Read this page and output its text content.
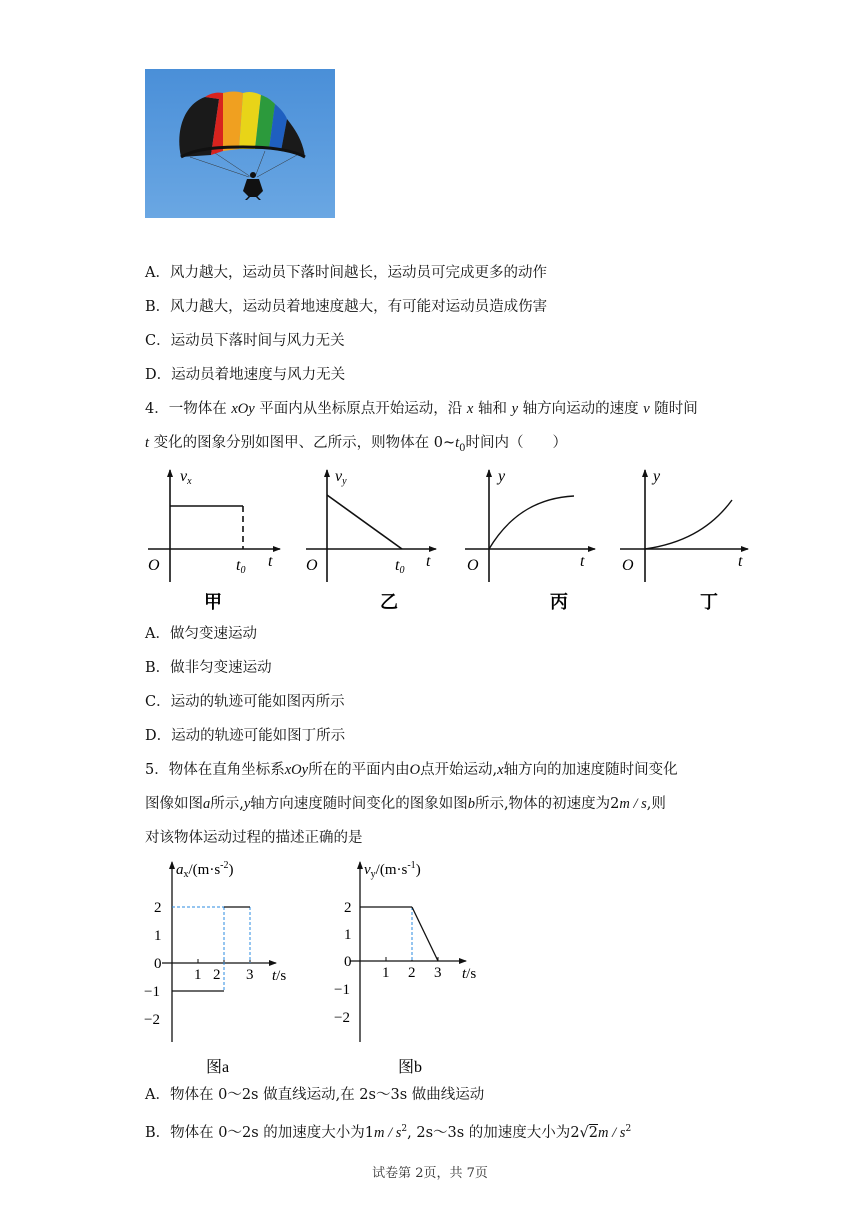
A．风力越大，运动员下落时间越长，运动员可完成更多的动作
B．风力越大，运动员着地速度越大，有可能对运动员造成伤害
C．运动员下落时间与风力无关
D．运动员着地速度与风力无关
4．一物体在 xOy 平面内从坐标原点开始运动，沿 x 轴和 y 轴方向运动的速度 v 随时间
t 变化的图象分别如图甲、乙所示，则物体在 $0\sim t_0$时间内（　　）
vx
O	t
t0
甲
vy
O	t
t0
乙
y
O	t
丙
y
O	t
丁
A．做匀变速运动
B．做非匀变速运动
C．运动的轨迹可能如图丙所示
D．运动的轨迹可能如图丁所示
5．物体在直角坐标系xOy所在的平面内由O点开始运动,x轴方向的加速度随时间变化
图像如图a所示,y轴方向速度随时间变化的图象如图b所示,物体的初速度为2m / s,则
对该物体运动过程的描述正确的是
$a_x/(m\cdot s^{-2})$
2
1
0
−1
−2
1 2 3 t/s
图a
$v_y/(m\cdot s^{-1})$
2
1
0
−1
−2
1 2 3 t/s
图b
A．物体在 0～2s 做直线运动,在 2s～3s 做曲线运动
B．物体在 0～2s 的加速度大小为$1m / s^2$, 2s～3s 的加速度大小为$2√2m / s^2$
试卷第 2页，共 7页
